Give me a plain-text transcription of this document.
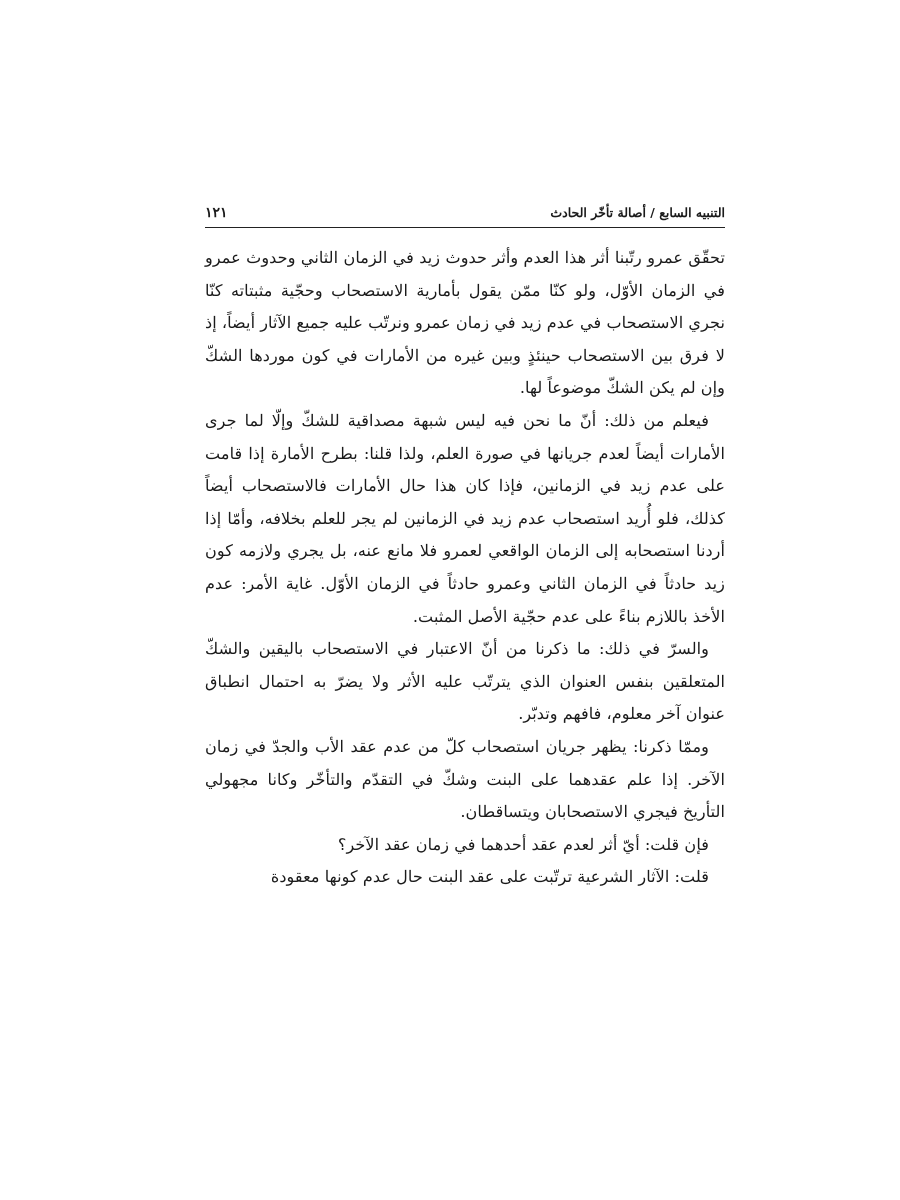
التنبيه السابع / أصالة تأخّر الحادث
١٢١

تحقّق عمرو رتّبنا أثر هذا العدم وأثر حدوث زيد في الزمان الثاني وحدوث عمرو في الزمان الأوّل، ولو كنّا ممّن يقول بأمارية الاستصحاب وحجّية مثبتاته كنّا نجري الاستصحاب في عدم زيد في زمان عمرو ونرتّب عليه جميع الآثار أيضاً، إذ لا فرق بين الاستصحاب حينئذٍ وبين غيره من الأمارات في كون موردها الشكّ وإن لم يكن الشكّ موضوعاً لها.

فيعلم من ذلك: أنّ ما نحن فيه ليس شبهة مصداقية للشكّ وإلّا لما جرى الأمارات أيضاً لعدم جريانها في صورة العلم، ولذا قلنا: بطرح الأمارة إذا قامت على عدم زيد في الزمانين، فإذا كان هذا حال الأمارات فالاستصحاب أيضاً كذلك، فلو أُريد استصحاب عدم زيد في الزمانين لم يجر للعلم بخلافه، وأمّا إذا أردنا استصحابه إلى الزمان الواقعي لعمرو فلا مانع عنه، بل يجري ولازمه كون زيد حادثاً في الزمان الثاني وعمرو حادثاً في الزمان الأوّل. غاية الأمر: عدم الأخذ باللازم بناءً على عدم حجّية الأصل المثبت.

والسرّ في ذلك: ما ذكرنا من أنّ الاعتبار في الاستصحاب باليقين والشكّ المتعلقين بنفس العنوان الذي يترتّب عليه الأثر ولا يضرّ به احتمال انطباق عنوان آخر معلوم، فافهم وتدبّر.

وممّا ذكرنا: يظهر جريان استصحاب كلّ من عدم عقد الأب والجدّ في زمان الآخر. إذا علم عقدهما على البنت وشكّ في التقدّم والتأخّر وكانا مجهولي التأريخ فيجري الاستصحابان ويتساقطان.

فإن قلت: أيّ أثر لعدم عقد أحدهما في زمان عقد الآخر؟

قلت: الآثار الشرعية ترتّبت على عقد البنت حال عدم كونها معقودة
